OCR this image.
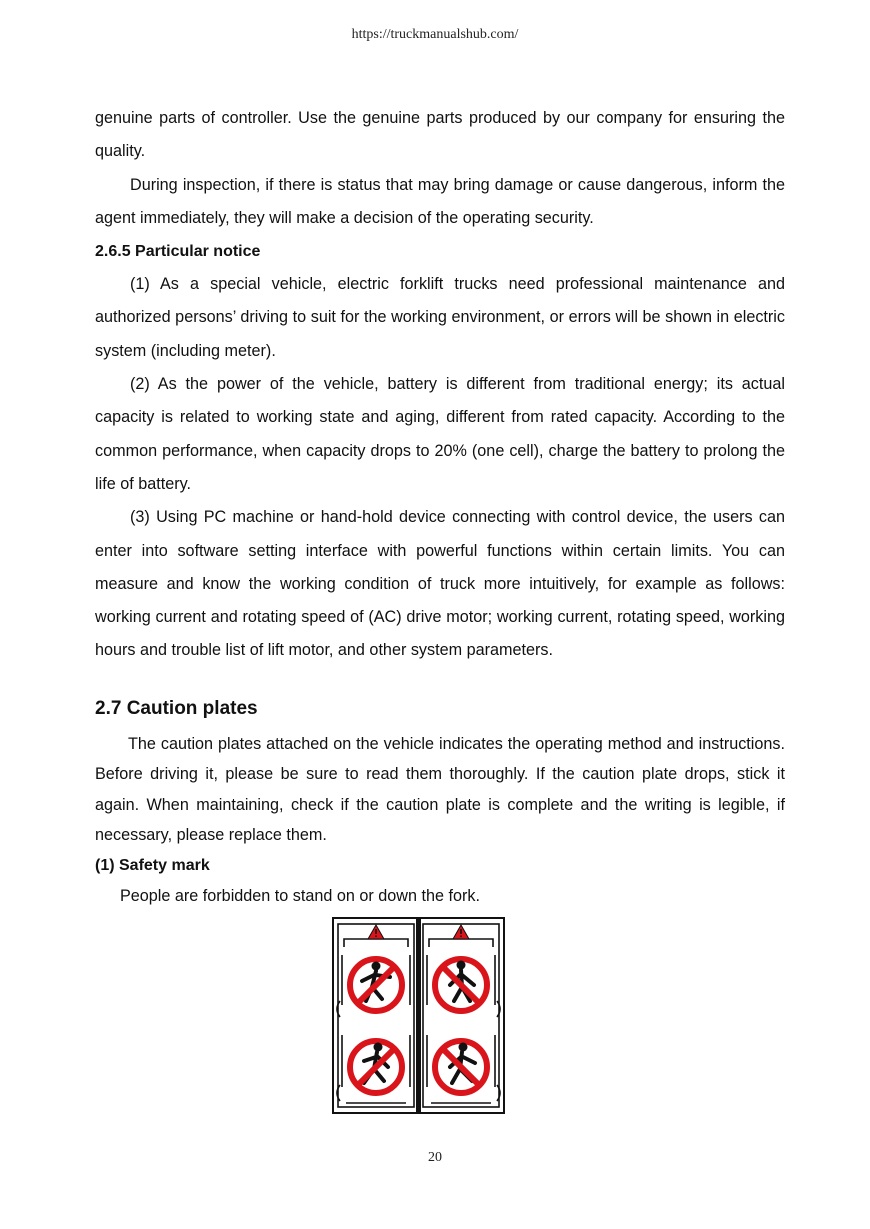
https://truckmanualshub.com/

genuine parts of controller. Use the genuine parts produced by our company for ensuring the quality.

During inspection, if there is status that may bring damage or cause dangerous, inform the agent immediately, they will make a decision of the operating security.

2.6.5 Particular notice

(1) As a special vehicle, electric forklift trucks need professional maintenance and authorized persons’ driving to suit for the working environment, or errors will be shown in electric system (including meter).

(2) As the power of the vehicle, battery is different from traditional energy; its actual capacity is related to working state and aging, different from rated capacity. According to the common performance, when capacity drops to 20% (one cell), charge the battery to prolong the life of battery.

(3) Using PC machine or hand-hold device connecting with control device, the users can enter into software setting interface with powerful functions within certain limits. You can measure and know the working condition of truck more intuitively, for example as follows: working current and rotating speed of (AC) drive motor; working current, rotating speed, working hours and trouble list of lift motor, and other system parameters.

2.7 Caution plates

The caution plates attached on the vehicle indicates the operating method and instructions. Before driving it, please be sure to read them thoroughly. If the caution plate drops, stick it again. When maintaining, check if the caution plate is complete and the writing is legible, if necessary, please replace them.

(1) Safety mark

People are forbidden to stand on or down the fork.

20
